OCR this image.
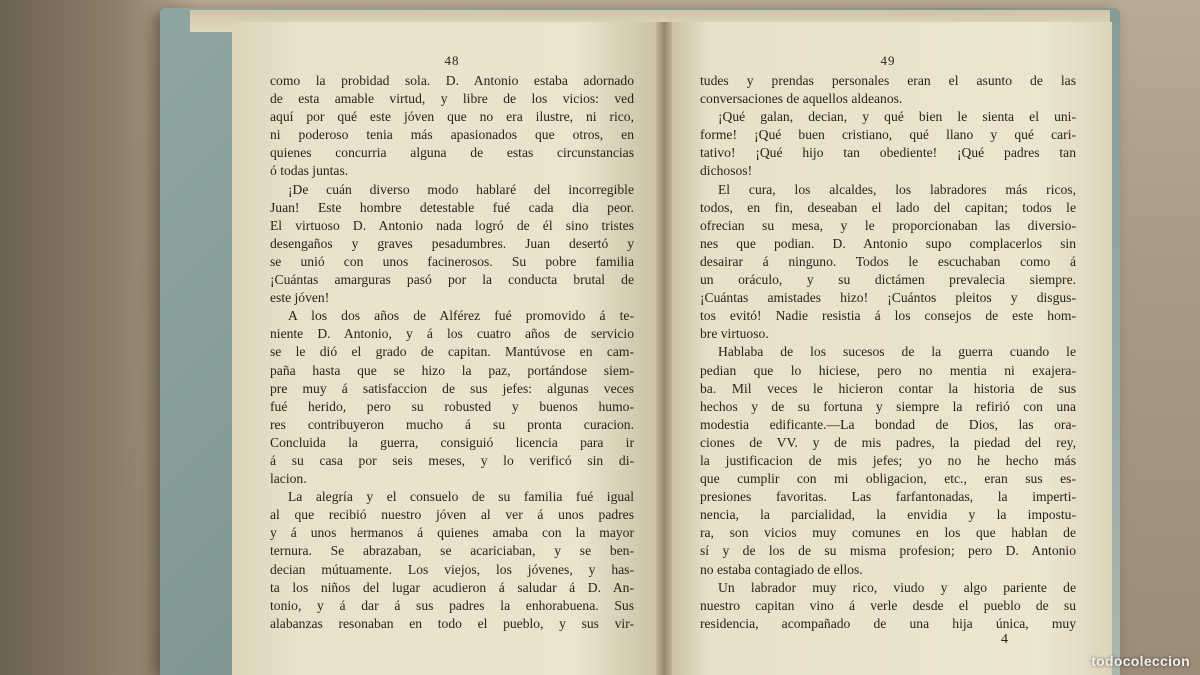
48
como la probidad sola. D. Antonio estaba adornado
de esta amable virtud, y libre de los vicios: ved
aquí por qué este jóven que no era ilustre, ni rico,
ni poderoso tenia más apasionados que otros, en
quienes concurria alguna de estas circunstancias
ó todas juntas.
¡De cuán diverso modo hablaré del incorregible
Juan! Este hombre detestable fué cada dia peor.
El virtuoso D. Antonio nada logró de él sino tristes
desengaños y graves pesadumbres. Juan desertó y
se unió con unos facinerosos. Su pobre familia
¡Cuántas amarguras pasó por la conducta brutal de
este jóven!
A los dos años de Alférez fué promovido á te-
niente D. Antonio, y á los cuatro años de servicio
se le dió el grado de capitan. Mantúvose en cam-
paña hasta que se hizo la paz, portándose siem-
pre muy á satisfaccion de sus jefes: algunas veces
fué herido, pero su robusted y buenos humo-
res contribuyeron mucho á su pronta curacion.
Concluida la guerra, consiguió licencia para ir
á su casa por seis meses, y lo verificó sin di-
lacion.
La alegría y el consuelo de su familia fué igual
al que recibió nuestro jóven al ver á unos padres
y á unos hermanos á quienes amaba con la mayor
ternura. Se abrazaban, se acariciaban, y se ben-
decian mútuamente. Los viejos, los jóvenes, y has-
ta los niños del lugar acudieron á saludar á D. An-
tonio, y á dar á sus padres la enhorabuena. Sus
alabanzas resonaban en todo el pueblo, y sus vir-
49
tudes y prendas personales eran el asunto de las
conversaciones de aquellos aldeanos.
¡Qué galan, decian, y qué bien le sienta el uni-
forme! ¡Qué buen cristiano, qué llano y qué cari-
tativo! ¡Qué hijo tan obediente! ¡Qué padres tan
dichosos!
El cura, los alcaldes, los labradores más ricos,
todos, en fin, deseaban el lado del capitan; todos le
ofrecian su mesa, y le proporcionaban las diversio-
nes que podian. D. Antonio supo complacerlos sin
desairar á ninguno. Todos le escuchaban como á
un oráculo, y su dictámen prevalecia siempre.
¡Cuántas amistades hizo! ¡Cuántos pleitos y disgus-
tos evitó! Nadie resistia á los consejos de este hom-
bre virtuoso.
Hablaba de los sucesos de la guerra cuando le
pedian que lo hiciese, pero no mentia ni exajera-
ba. Mil veces le hicieron contar la historia de sus
hechos y de su fortuna y siempre la refirió con una
modestia edificante.—La bondad de Dios, las ora-
ciones de VV. y de mis padres, la piedad del rey,
la justificacion de mis jefes; yo no he hecho más
que cumplir con mi obligacion, etc., eran sus es-
presiones favoritas. Las farfantonadas, la imperti-
nencia, la parcialidad, la envidia y la impostu-
ra, son vicios muy comunes en los que hablan de
sí y de los de su misma profesion; pero D. Antonio
no estaba contagiado de ellos.
Un labrador muy rico, viudo y algo pariente de
nuestro capitan vino á verle desde el pueblo de su
residencia, acompañado de una hija única, muy
4
todocoleccion
